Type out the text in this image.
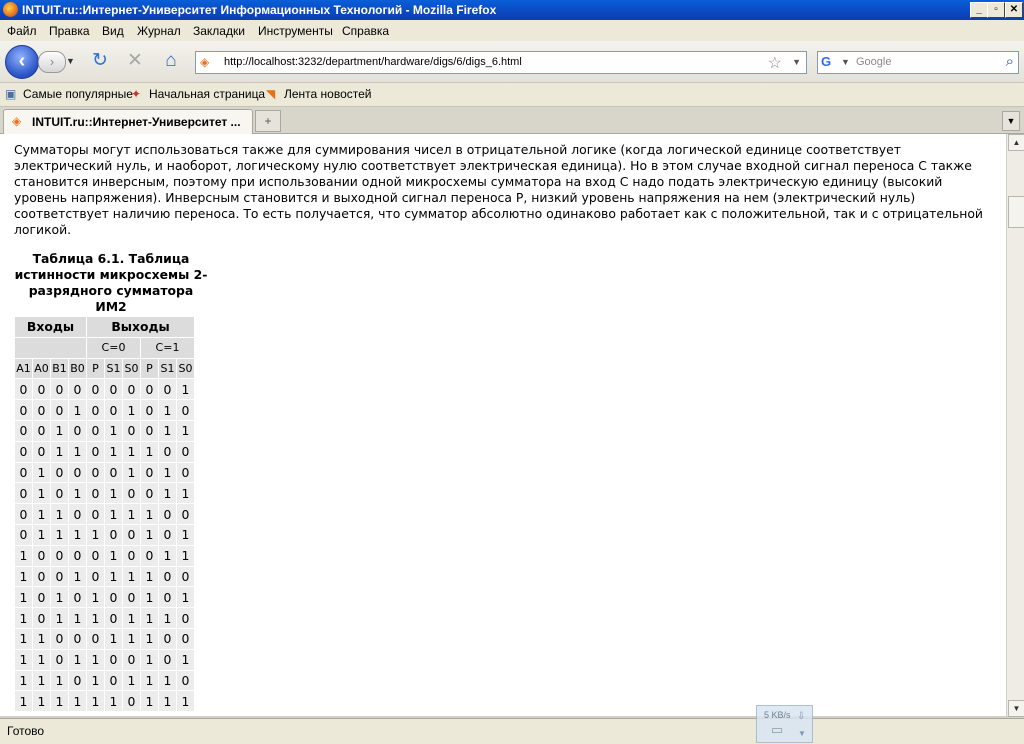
INTUIT.ru::Интернет-Университет Информационных Технологий - Mozilla Firefox	_	▫	✕
Файл Правка Вид Журнал Закладки Инструменты Справка
‹	›	▼ ↻ ✕ ⌂	◈	http://localhost:3232/department/hardware/digs/6/digs_6.html	☆ ▼ G	▼ Google	⌕
▣ Самые популярные
✦ Начальная страница ◥ Лента новостей
◈ INTUIT.ru::Интернет-Университет ...	+	▼
Сумматоры могут использоваться также для суммирования чисел в отрицательной логике (когда логической единице соответствует электрический нуль, и наоборот, логическому нулю соответствует электрическая единица). Но в этом случае входной сигнал переноса C также становится инверсным, поэтому при использовании одной микросхемы сумматора на вход C надо подать электрическую единицу (высокий уровень напряжения). Инверсным становится и выходной сигнал переноса P, низкий уровень напряжения на нем (электрический нуль) соответствует наличию переноса. То есть получается, что сумматор абсолютно одинаково работает как с положительной, так и с отрицательной логикой.
Таблица 6.1. Таблица истинности микросхемы 2-разрядного сумматора ИМ2
Входы				Выходы					
				C=0			C=1		
A1	A0	B1	B0	P	S1	S0	P	S1	S0
0	0	0	0	0	0	0	0	0	1
0	0	0	1	0	0	1	0	1	0
0	0	1	0	0	1	0	0	1	1
0	0	1	1	0	1	1	1	0	0
0	1	0	0	0	0	1	0	1	0
0	1	0	1	0	1	0	0	1	1
0	1	1	0	0	1	1	1	0	0
0	1	1	1	1	0	0	1	0	1
1	0	0	0	0	1	0	0	1	1
1	0	0	1	0	1	1	1	0	0
1	0	1	0	1	0	0	1	0	1
1	0	1	1	1	0	1	1	1	0
1	1	0	0	0	1	1	1	0	0
1	1	0	1	1	0	0	1	0	1
1	1	1	0	1	0	1	1	1	0
1	1	1	1	1	1	0	1	1	1
▲
▼
Готово
5 KB/s
▭
⇩
▼
